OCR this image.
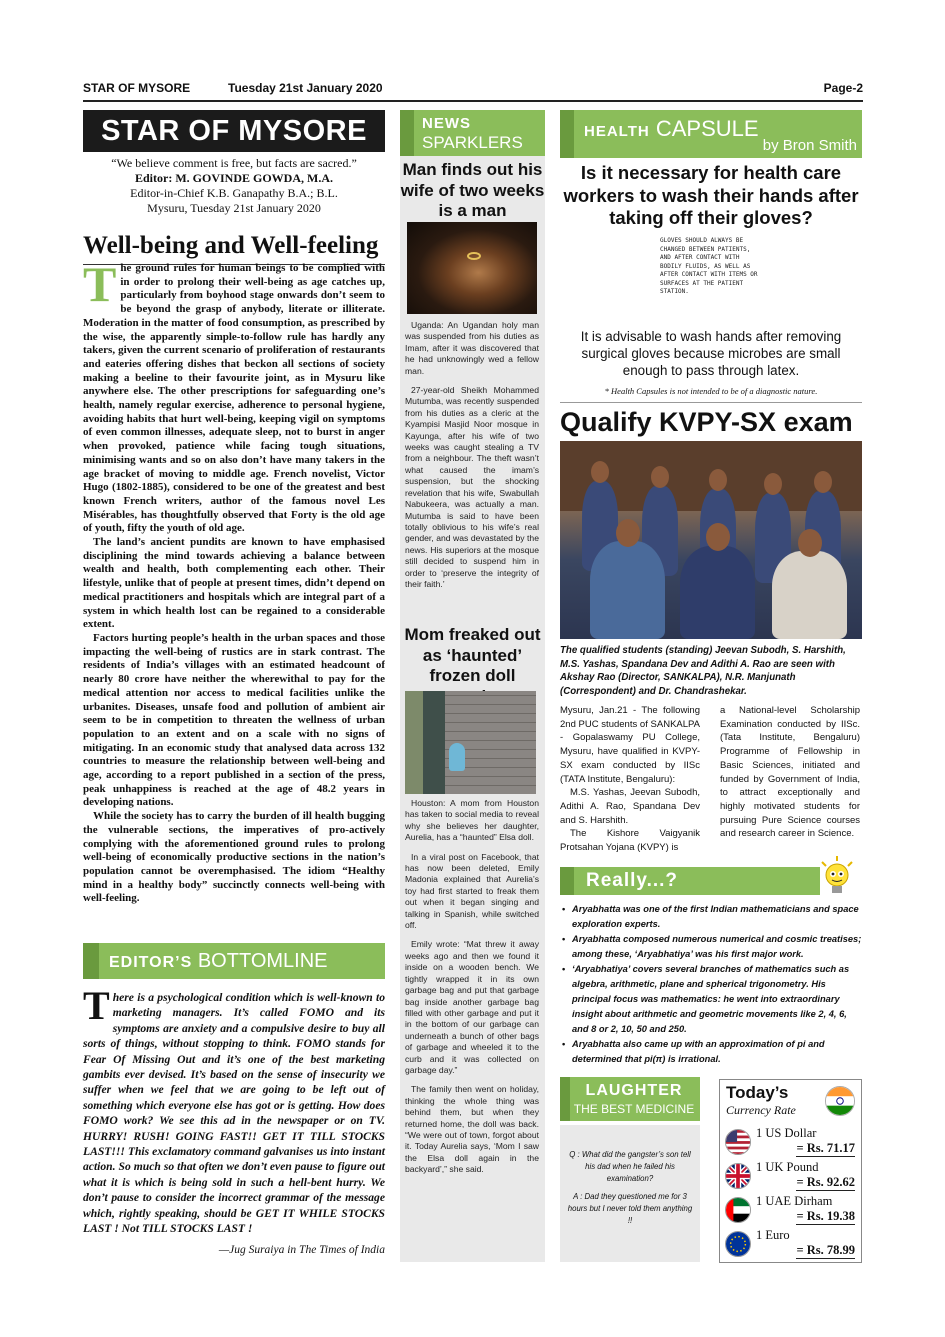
STAR OF MYSORE	Tuesday 21st January 2020	Page-2
STAR OF MYSORE
“We believe comment is free, but facts are sacred.”
Editor: M. GOVINDE GOWDA, M.A.
Editor-in-Chief K.B. Ganapathy B.A.; B.L.
Mysuru, Tuesday 21st January 2020
Well-being and Well-feeling

The ground rules for human beings to be complied with in order to prolong their well-being as age catches up, particularly from boyhood stage onwards don’t seem to be beyond the grasp of anybody, literate or illiterate. Moderation in the matter of food consumption, as prescribed by the wise, the apparently simple-to-follow rule has hardly any takers, given the current scenario of proliferation of restaurants and eateries offering dishes that beckon all sections of society making a beeline to their favourite joint, as in Mysuru like anywhere else. The other prescriptions for safeguarding one’s health, namely regular exercise, adherence to personal hygiene, avoiding habits that hurt well-being, keeping vigil on symptoms of even common illnesses, adequate sleep, not to burst in anger when provoked, patience while facing tough situations, minimising wants and so on also don’t have many takers in the age bracket of moving to middle age. French novelist, Victor Hugo (1802-1885), considered to be one of the greatest and best known French writers, author of the famous novel Les Misérables, has thoughtfully observed that Forty is the old age of youth, fifty the youth of old age.

The land’s ancient pundits are known to have emphasised disciplining the mind towards achieving a balance between wealth and health, both complementing each other. Their lifestyle, unlike that of people at present times, didn’t depend on medical practitioners and hospitals which are integral part of a system in which health lost can be regained to a considerable extent.

Factors hurting people’s health in the urban spaces and those impacting the well-being of rustics are in stark contrast. The residents of India’s villages with an estimated headcount of nearly 80 crore have neither the wherewithal to pay for the medical attention nor access to medical facilities unlike the urbanites. Diseases, unsafe food and pollution of ambient air seem to be in competition to threaten the wellness of urban population to an extent and on a scale with no signs of mitigating. In an economic study that analysed data across 132 countries to measure the relationship between well-being and age, according to a report published in a section of the press, peak unhappiness is reached at the age of 48.2 years in developing nations.

While the society has to carry the burden of ill health bugging the vulnerable sections, the imperatives of pro-actively complying with the aforementioned ground rules to prolong well-being of economically productive sections in the nation’s population cannot be overemphasised. The idiom “Healthy mind in a healthy body” succinctly connects well-being with well-feeling.

EDITOR’S BOTTOMLINE
There is a psychological condition which is well-known to marketing managers. It’s called FOMO and its symptoms are anxiety and a compulsive desire to buy all sorts of things, without stopping to think. FOMO stands for Fear Of Missing Out and it’s one of the best marketing gambits ever devised. It’s based on the sense of insecurity we suffer when we feel that we are going to be left out of something which everyone else has got or is getting. How does FOMO work? We see this ad in the newspaper or on TV. HURRY! RUSH! GOING FAST!! GET IT TILL STOCKS LAST!!! This exclamatory command galvanises us into instant action. So much so that often we don’t even pause to figure out what it is which is being sold in such a hell-bent hurry. We don’t pause to consider the incorrect grammar of the message which, rightly speaking, should be GET IT WHILE STOCKS LAST ! Not TILL STOCKS LAST !
—Jug Suraiya in The Times of India
NEWS
SPARKLERS
Man finds out his wife of two weeks is a man

Uganda: An Ugandan holy man was suspended from his duties as Imam, after it was discovered that he had unknowingly wed a fellow man.

27-year-old Sheikh Mohammed Mutumba, was recently suspended from his duties as a cleric at the Kyampisi Masjid Noor mosque in Kayunga, after his wife of two weeks was caught stealing a TV from a neighbour. The theft wasn’t what caused the imam’s suspension, but the shocking revelation that his wife, Swabullah Nabukeera, was actually a man. Mutumba is said to have been totally oblivious to his wife’s real gender, and was devastated by the news. His superiors at the mosque still decided to suspend him in order to ‘preserve the integrity of their faith.’

Mom freaked out as ‘haunted’ frozen doll

Houston: A mom from Houston has taken to social media to reveal why she believes her daughter, Aurelia, has a “haunted” Elsa doll.

In a viral post on Facebook, that has now been deleted, Emily Madonia explained that Aurelia’s toy had first started to freak them out when it began singing and talking in Spanish, while switched off.

Emily wrote: “Mat threw it away weeks ago and then we found it inside on a wooden bench. We tightly wrapped it in its own garbage bag and put that garbage bag inside another garbage bag filled with other garbage and put it in the bottom of our garbage can underneath a bunch of other bags of garbage and wheeled it to the curb and it was collected on garbage day.”

The family then went on holiday, thinking the whole thing was behind them, but when they returned home, the doll was back. “We were out of town, forgot about it. Today Aurelia says, ‘Mom I saw the Elsa doll again in the backyard’,” she said.

HEALTH CAPSULE
by Bron Smith
Is it necessary for health care workers to wash their hands after taking off their gloves?
GLOVES SHOULD ALWAYS BE CHANGED BETWEEN PATIENTS, AND AFTER CONTACT WITH BODILY FLUIDS, AS WELL AS AFTER CONTACT WITH ITEMS OR SURFACES AT THE PATIENT STATION.
It is advisable to wash hands after removing surgical gloves because microbes are small enough to pass through latex.
* Health Capsules is not intended to be of a diagnostic nature.
Qualify KVPY-SX exam
The qualified students (standing) Jeevan Subodh, S. Harshith, M.S. Yashas, Spandana Dev and Adithi A. Rao are seen with Akshay Rao (Director, SANKALPA), N.R. Manjunath (Correspondent) and Dr. Chandrashekar.
Mysuru, Jan.21 - The following 2nd PUC students of SANKALPA - Gopalaswamy PU College, Mysuru, have qualified in KVPY-SX exam conducted by IISc (TATA Institute, Bengaluru):
M.S. Yashas, Jeevan Subodh, Adithi A. Rao, Spandana Dev and S. Harshith.
The Kishore Vaigyanik Protsahan Yojana (KVPY) is
a National-level Scholarship Examination conducted by IISc. (Tata Institute, Bengaluru) Programme of Fellowship in Basic Sciences, initiated and funded by Government of India, to attract exceptionally and highly motivated students for pursuing Pure Science courses and research career in Science.
Really...?
• Aryabhatta was one of the first Indian mathematicians and space exploration experts.
• Aryabhatta composed numerous numerical and cosmic treatises; among these, ‘Aryabhatiya’ was his first major work.
• ‘Aryabhatiya’ covers several branches of mathematics such as algebra, arithmetic, plane and spherical trigonometry. His principal focus was mathematics: he went into extraordinary insight about arithmetic and geometric movements like 2, 4, 6, and 8 or 2, 10, 50 and 250.
• Aryabhatta also came up with an approximation of pi and determined that pi(π) is irrational.
LAUGHTER
THE BEST MEDICINE
Q : What did the gangster’s son tell his dad when he failed his examination?
A : Dad they questioned me for 3 hours but I never told them anything !!
Today’s
Currency Rate
1 US Dollar
= Rs. 71.17
1 UK Pound
= Rs. 92.62
1 UAE Dirham
= Rs. 19.38
1 Euro
= Rs. 78.99
